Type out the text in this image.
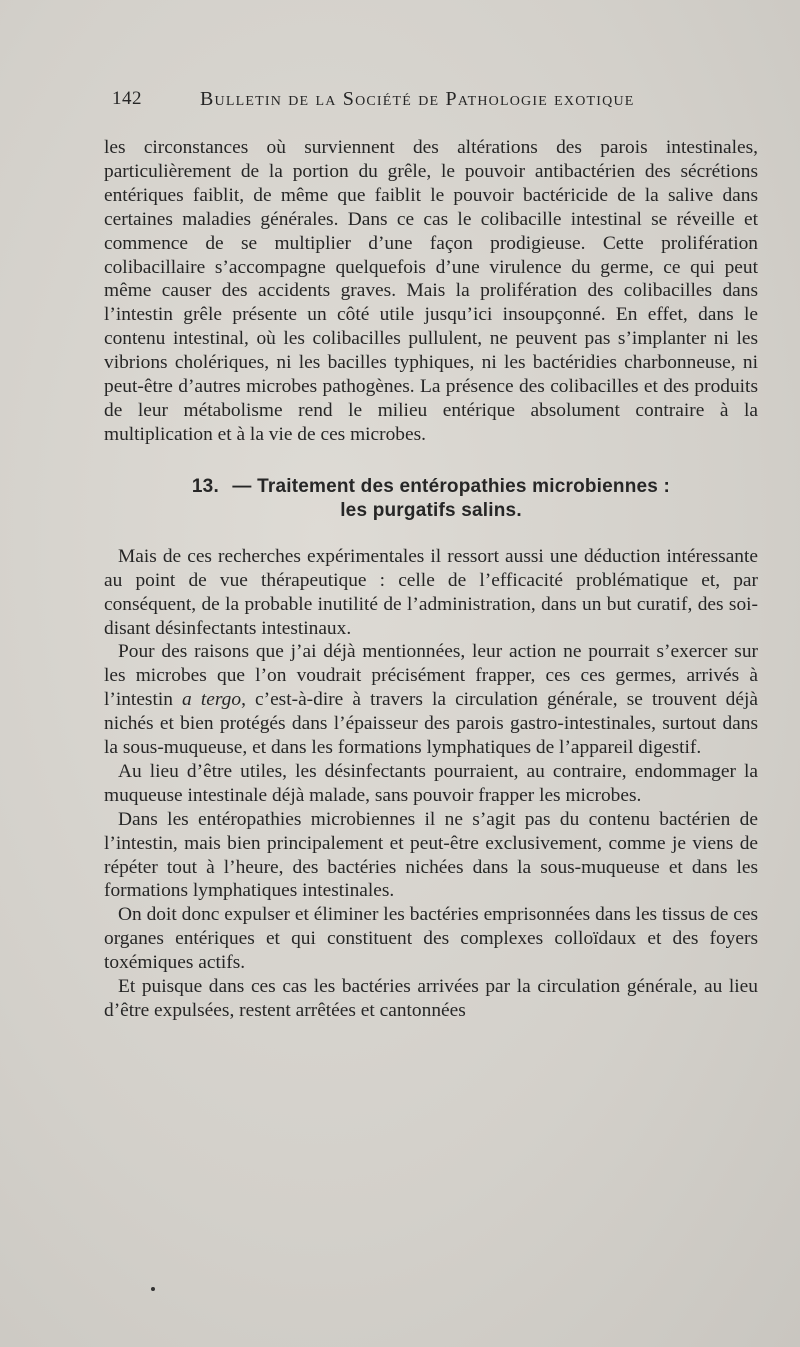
142	Bulletin de la Société de Pathologie exotique

les circonstances où surviennent des altérations des parois intestinales, particulièrement de la portion du grêle, le pouvoir antibactérien des sécrétions entériques faiblit, de même que faiblit le pouvoir bactéricide de la salive dans certaines maladies générales. Dans ce cas le colibacille intestinal se réveille et commence de se multiplier d’une façon prodigieuse. Cette prolifération colibacillaire s’accompagne quelquefois d’une virulence du germe, ce qui peut même causer des accidents graves. Mais la prolifération des colibacilles dans l’intestin grêle présente un côté utile jusqu’ici insoupçonné. En effet, dans le contenu intestinal, où les colibacilles pullulent, ne peuvent pas s’implanter ni les vibrions cholériques, ni les bacilles typhiques, ni les bactéridies charbonneuse, ni peut-être d’autres microbes pathogènes. La présence des colibacilles et des produits de leur métabolisme rend le milieu entérique absolument contraire à la multiplication et à la vie de ces microbes.

13. — Traitement des entéropathies microbiennes :
les purgatifs salins.

Mais de ces recherches expérimentales il ressort aussi une déduction intéressante au point de vue thérapeutique : celle de l’efficacité problématique et, par conséquent, de la probable inutilité de l’administration, dans un but curatif, des soi-disant désinfectants intestinaux.

Pour des raisons que j’ai déjà mentionnées, leur action ne pourrait s’exercer sur les microbes que l’on voudrait précisément frapper, ces ces germes, arrivés à l’intestin a tergo, c’est-à-dire à travers la circulation générale, se trouvent déjà nichés et bien protégés dans l’épaisseur des parois gastro-intestinales, surtout dans la sous-muqueuse, et dans les formations lymphatiques de l’appareil digestif.

Au lieu d’être utiles, les désinfectants pourraient, au contraire, endommager la muqueuse intestinale déjà malade, sans pouvoir frapper les microbes.

Dans les entéropathies microbiennes il ne s’agit pas du contenu bactérien de l’intestin, mais bien principalement et peut-être exclusivement, comme je viens de répéter tout à l’heure, des bactéries nichées dans la sous-muqueuse et dans les formations lymphatiques intestinales.

On doit donc expulser et éliminer les bactéries emprisonnées dans les tissus de ces organes entériques et qui constituent des complexes colloïdaux et des foyers toxémiques actifs.

Et puisque dans ces cas les bactéries arrivées par la circulation générale, au lieu d’être expulsées, restent arrêtées et cantonnées
